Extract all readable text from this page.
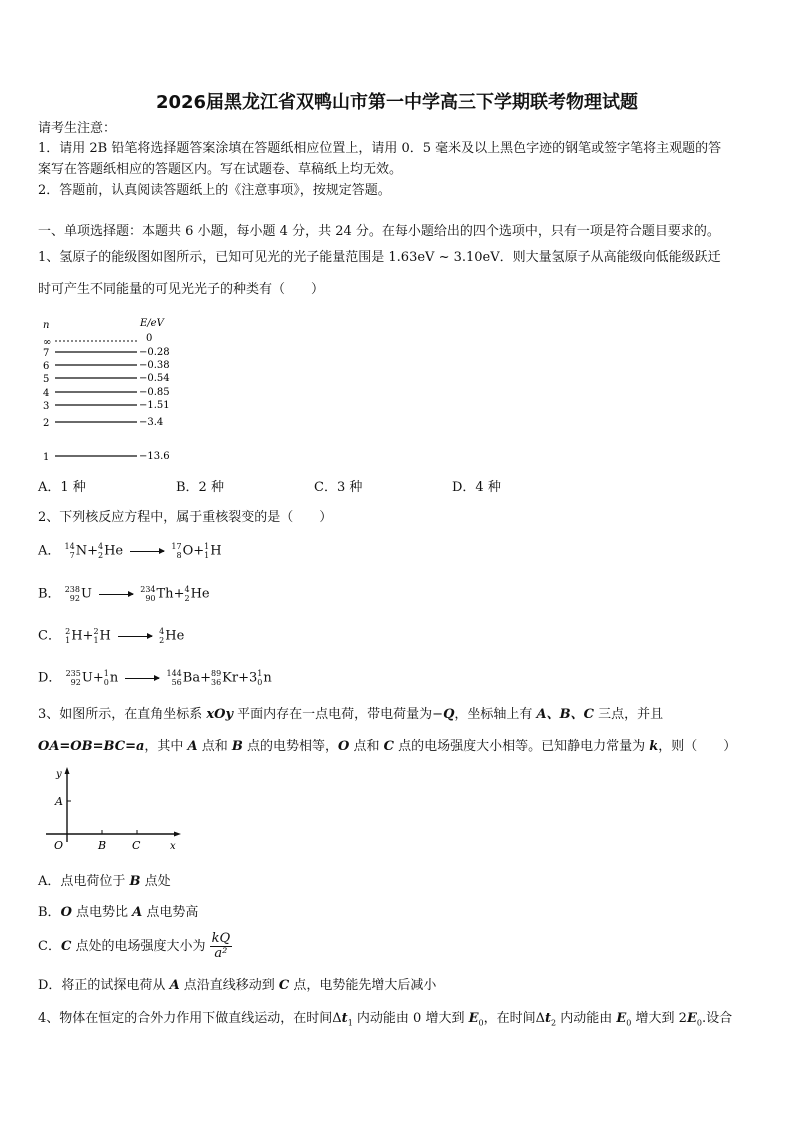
2026届黑龙江省双鸭山市第一中学高三下学期联考物理试题
请考生注意：
1．请用 2B 铅笔将选择题答案涂填在答题纸相应位置上，请用 0．5 毫米及以上黑色字迹的钢笔或签字笔将主观题的答
案写在答题纸相应的答题区内。写在试题卷、草稿纸上均无效。
2．答题前，认真阅读答题纸上的《注意事项》，按规定答题。
一、单项选择题：本题共 6 小题，每小题 4 分，共 24 分。在每小题给出的四个选项中，只有一项是符合题目要求的。
1、氢原子的能级图如图所示，已知可见光的光子能量范围是 1.63eV ~ 3.10eV．则大量氢原子从高能级向低能级跃迁
时可产生不同能量的可见光光子的种类有（　　）
n	E/eV
∞
7
6
5
4
3
2
1
0
−0.28
−0.38
−0.54
−0.85
−1.51
−3.4
−13.6
A．1 种	B．2 种	C．3 种	D．4 种
2、下列核反应方程中，属于重核裂变的是（　　）
A． 14
7 N+ 4
2 He → 17
8 O+ 1
1 H
B． 238
92 U → 234
90 Th+ 4
2 He
C． 2
1 H+ 2
1 H → 4
2 He
D． 235
92 U+ 1
0 n → 144
56 Ba+ 89
36 Kr+3 1
0 n
3、如图所示，在直角坐标系 xOy 平面内存在一点电荷，带电荷量为−Q，坐标轴上有 A、B、C 三点，并且
OA=OB=BC=a，其中 A 点和 B 点的电势相等，O 点和 C 点的电场强度大小相等。已知静电力常量为 k，则（　　）
y
A
O	B C	x
A．点电荷位于 B 点处
B．O 点电势比 A 点电势高
C．C 点处的电场强度大小为 $\frac{kQ}{\text{a²}}$
D．将正的试探电荷从 A 点沿直线移动到 C 点，电势能先增大后减小
4、物体在恒定的合外力作用下做直线运动，在时间$\Delta t_1$ 内动能由 0 增大到 $E_0$，在时间$\Delta t_2$ 内动能由 $E_0$ 增大到 $2E_0$.设合
